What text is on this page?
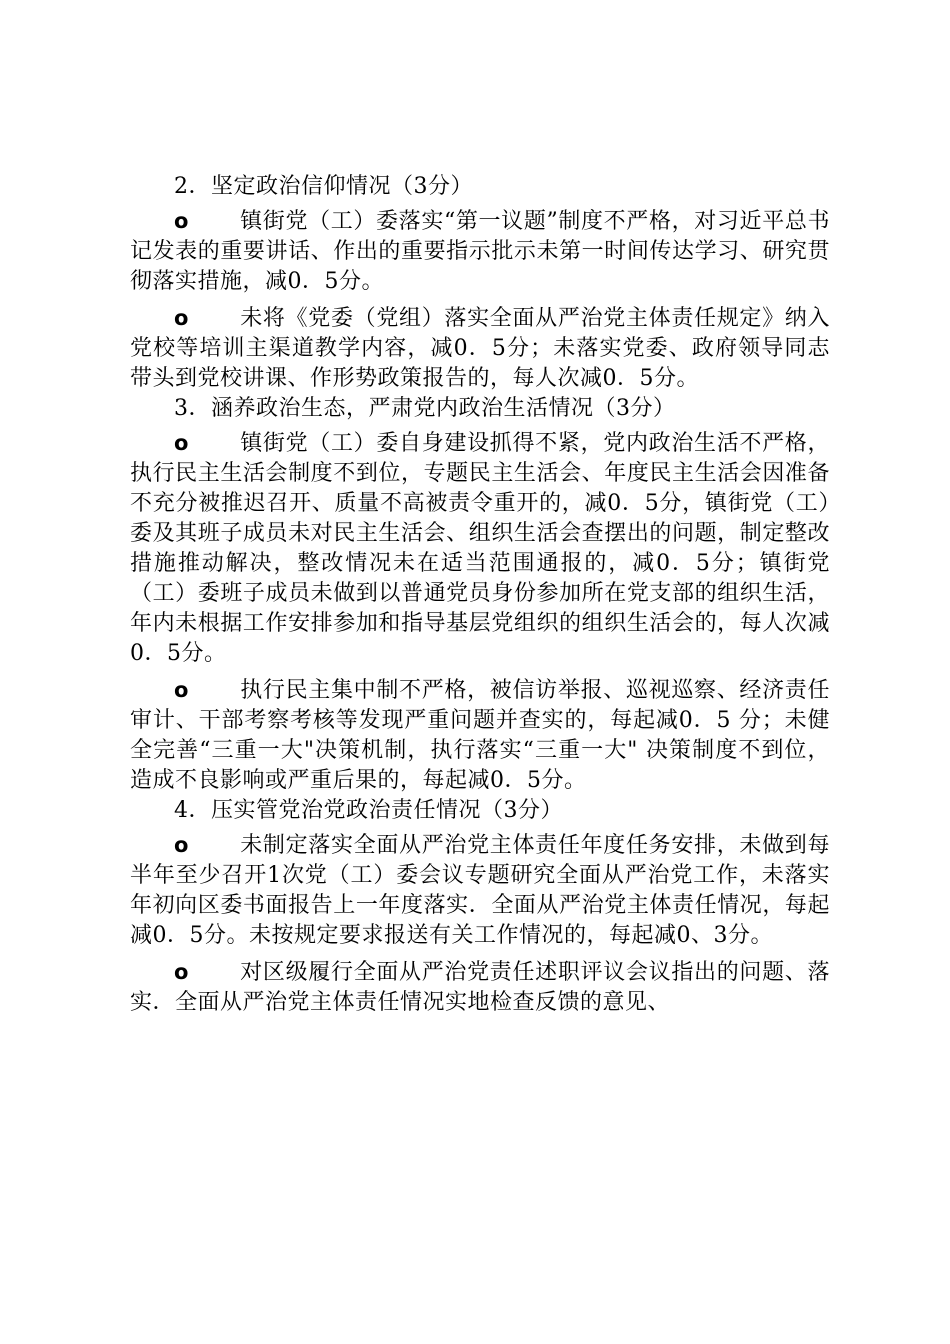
2．坚定政治信仰情况（3分）

o 镇街党（工）委落实“第一议题”制度不严格，对习近平总书记发表的重要讲话、作出的重要指示批示未第一时间传达学习、研究贯彻落实措施，减0．5分。

o 未将《党委（党组）落实全面从严治党主体责任规定》纳入党校等培训主渠道教学内容，减0．5分；未落实党委、政府领导同志带头到党校讲课、作形势政策报告的，每人次减0．5分。

3．涵养政治生态，严肃党内政治生活情况（3分）

o 镇街党（工）委自身建设抓得不紧，党内政治生活不严格，执行民主生活会制度不到位，专题民主生活会、年度民主生活会因准备不充分被推迟召开、质量不高被责令重开的，减0．5分，镇街党（工）委及其班子成员未对民主生活会、组织生活会查摆出的问题，制定整改措施推动解决，整改情况未在适当范围通报的，减0．5分；镇街党（工）委班子成员未做到以普通党员身份参加所在党支部的组织生活，年内未根据工作安排参加和指导基层党组织的组织生活会的，每人次减0．5分。

o 执行民主集中制不严格，被信访举报、巡视巡察、经济责任审计、干部考察考核等发现严重问题并查实的，每起减0．5 分；未健全完善“三重一大"决策机制，执行落实“三重一大" 决策制度不到位，造成不良影响或严重后果的，每起减0．5分。

4．压实管党治党政治责任情况（3分）

o 未制定落实全面从严治党主体责任年度任务安排，未做到每半年至少召开1次党（工）委会议专题研究全面从严治党工作，未落实年初向区委书面报告上一年度落实．全面从严治党主体责任情况，每起减0．5分。未按规定要求报送有关工作情况的，每起减0、3分。

o 对区级履行全面从严治党责任述职评议会议指出的问题、落实．全面从严治党主体责任情况实地检查反馈的意见、
